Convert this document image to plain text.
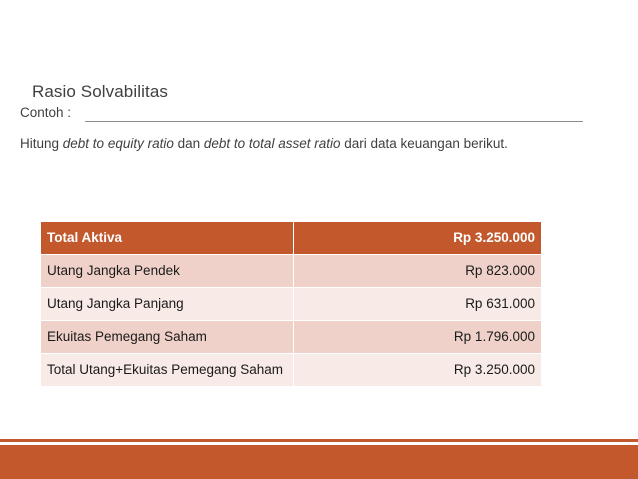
Rasio Solvabilitas
Contoh :
Hitung debt to equity ratio dan debt to total asset ratio dari data keuangan berikut.
Total Aktiva	Rp 3.250.000
Utang Jangka Pendek	Rp 823.000
Utang Jangka Panjang	Rp 631.000
Ekuitas Pemegang Saham	Rp 1.796.000
Total Utang+Ekuitas Pemegang Saham	Rp 3.250.000
